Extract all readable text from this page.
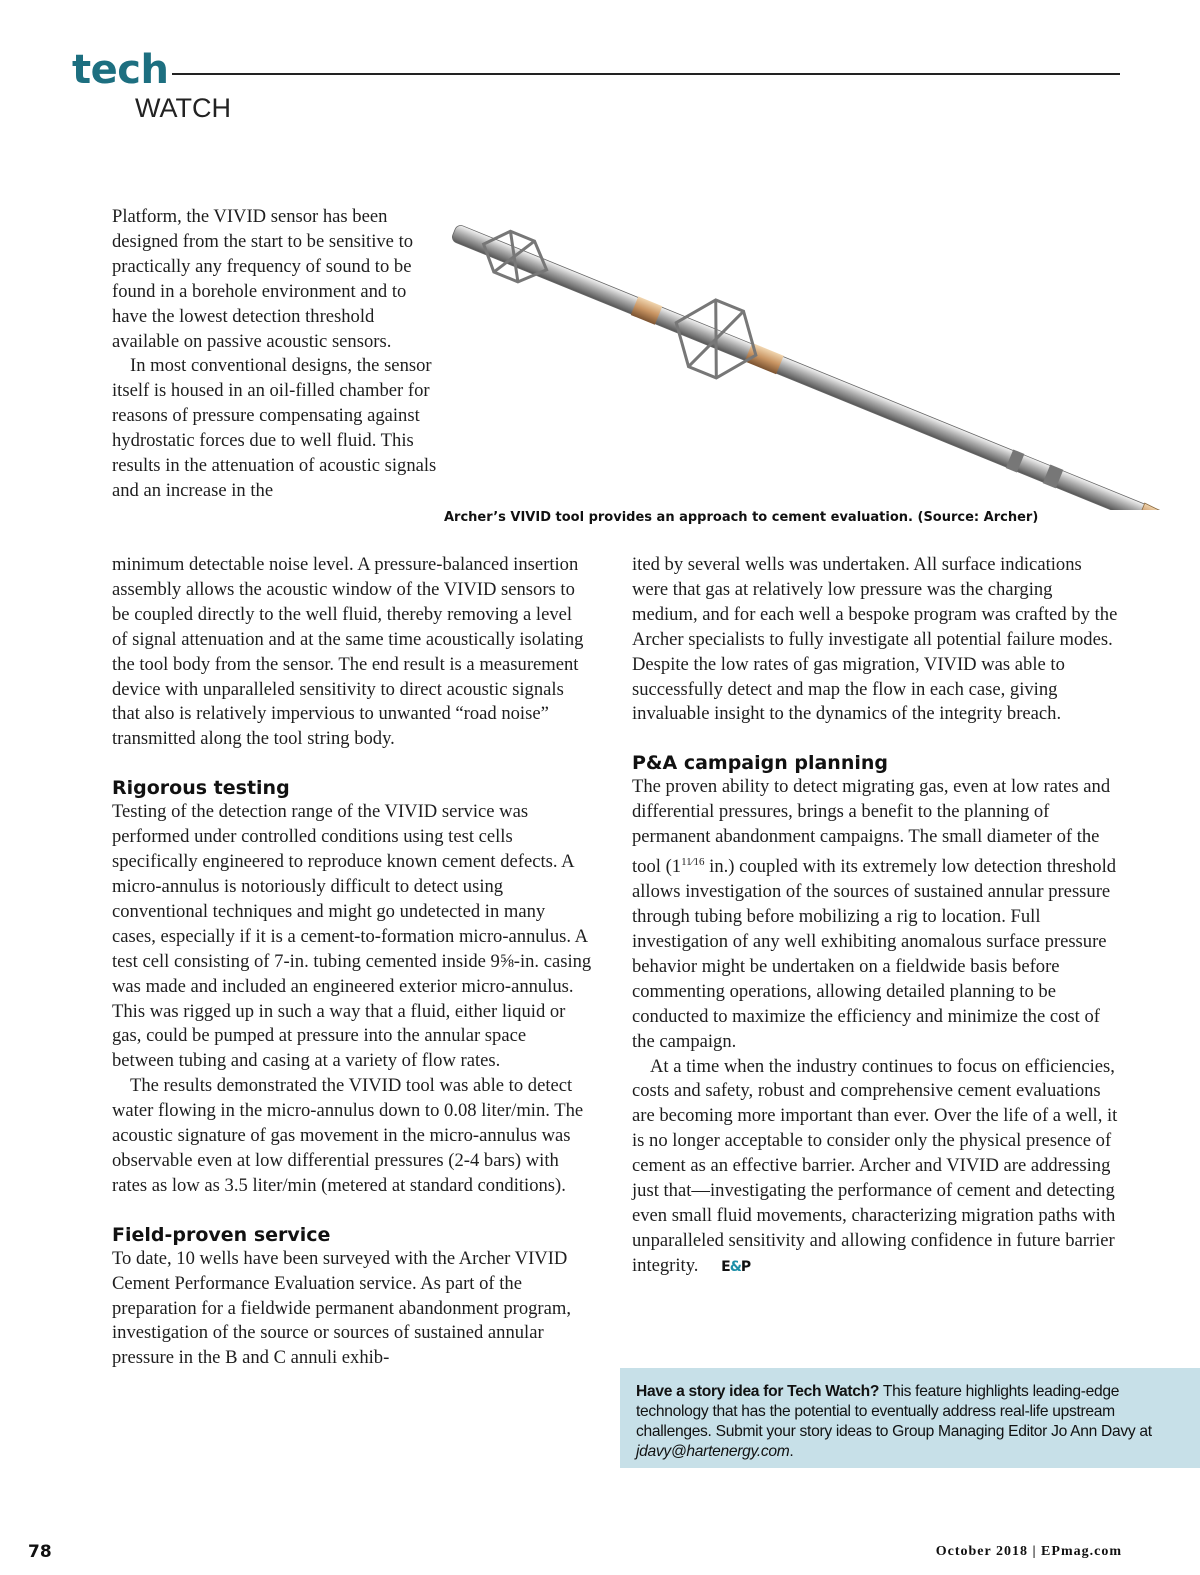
tech
WATCH

Platform, the VIVID sensor has been designed from the start to be sensitive to practically any frequency of sound to be found in a borehole environment and to have the lowest detection threshold available on passive acoustic sensors.

In most conventional designs, the sensor itself is housed in an oil-filled chamber for reasons of pressure compensating against hydrostatic forces due to well fluid. This results in the attenuation of acoustic signals and an increase in the

Archer’s VIVID tool provides an approach to cement evaluation. (Source: Archer)

minimum detectable noise level. A pressure-balanced insertion assembly allows the acoustic window of the VIVID sensors to be coupled directly to the well fluid, thereby removing a level of signal attenuation and at the same time acoustically isolating the tool body from the sensor. The end result is a measurement device with unparalleled sensitivity to direct acoustic signals that also is relatively impervious to unwanted “road noise” transmitted along the tool string body.

Rigorous testing

Testing of the detection range of the VIVID service was performed under controlled conditions using test cells specifically engineered to reproduce known cement defects. A micro-annulus is notoriously difficult to detect using conventional techniques and might go undetected in many cases, especially if it is a cement-to-formation micro-annulus. A test cell consisting of 7-in. tubing cemented inside 9⅝-in. casing was made and included an engineered exterior micro-annulus. This was rigged up in such a way that a fluid, either liquid or gas, could be pumped at pressure into the annular space between tubing and casing at a variety of flow rates.

The results demonstrated the VIVID tool was able to detect water flowing in the micro-annulus down to 0.08 liter/min. The acoustic signature of gas movement in the micro-annulus was observable even at low differential pressures (2-4 bars) with rates as low as 3.5 liter/min (metered at standard conditions).

Field-proven service

To date, 10 wells have been surveyed with the Archer VIVID Cement Performance Evaluation service. As part of the preparation for a fieldwide permanent abandonment program, investigation of the source or sources of sustained annular pressure in the B and C annuli exhib-

ited by several wells was undertaken. All surface indications were that gas at relatively low pressure was the charging medium, and for each well a bespoke program was crafted by the Archer specialists to fully investigate all potential failure modes. Despite the low rates of gas migration, VIVID was able to successfully detect and map the flow in each case, giving invaluable insight to the dynamics of the integrity breach.

P&A campaign planning

The proven ability to detect migrating gas, even at low rates and differential pressures, brings a benefit to the planning of permanent abandonment campaigns. The small diameter of the tool ($1^{11⁄16}$ in.) coupled with its extremely low detection threshold allows investigation of the sources of sustained annular pressure through tubing before mobilizing a rig to location. Full investigation of any well exhibiting anomalous surface pressure behavior might be undertaken on a fieldwide basis before commenting operations, allowing detailed planning to be conducted to maximize the efficiency and minimize the cost of the campaign.

At a time when the industry continues to focus on efficiencies, costs and safety, robust and comprehensive cement evaluations are becoming more important than ever. Over the life of a well, it is no longer acceptable to consider only the physical presence of cement as an effective barrier. Archer and VIVID are addressing just that—investigating the performance of cement and detecting even small fluid movements, characterizing migration paths with unparalleled sensitivity and allowing confidence in future barrier integrity. E&P

Have a story idea for Tech Watch? This feature highlights leading-edge technology that has the potential to eventually address real-life upstream challenges. Submit your story ideas to Group Managing Editor Jo Ann Davy at jdavy@hartenergy.com.
78	October 2018 | EPmag.com
